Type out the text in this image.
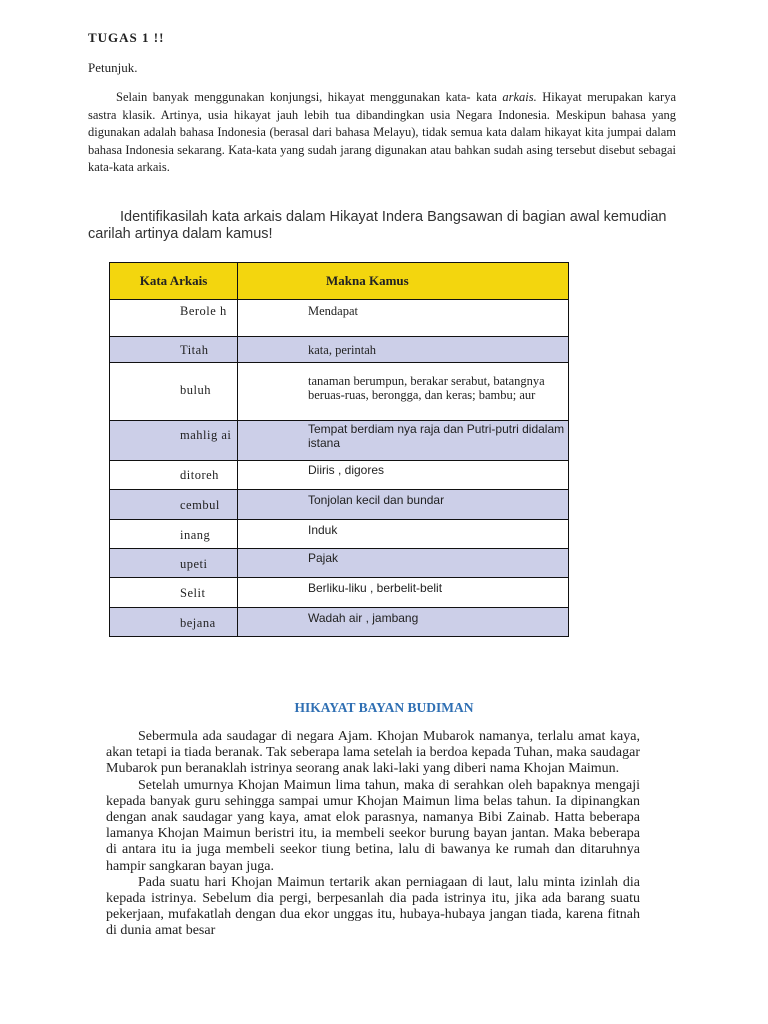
TUGAS 1 !!
Petunjuk.
Selain banyak menggunakan konjungsi, hikayat menggunakan kata- kata arkais. Hikayat merupakan karya sastra klasik. Artinya, usia hikayat jauh lebih tua dibandingkan usia Negara Indonesia. Meskipun bahasa yang digunakan adalah bahasa Indonesia (berasal dari bahasa Melayu), tidak semua kata dalam hikayat kita jumpai dalam bahasa Indonesia sekarang. Kata-kata yang sudah jarang digunakan atau bahkan sudah asing tersebut disebut sebagai kata-kata arkais.
Identifikasilah kata arkais dalam Hikayat Indera Bangsawan di bagian awal kemudian carilah artinya dalam kamus!
Kata Arkais	Makna Kamus
Berole h	Mendapat
Titah	kata, perintah
buluh	tanaman berumpun, berakar serabut, batangnya beruas-ruas, berongga, dan keras; bambu; aur
mahlig ai	Tempat berdiam nya raja dan Putri-putri didalam istana
ditoreh	Diiris , digores
cembul	Tonjolan kecil dan bundar
inang	Induk
upeti	Pajak
Selit	Berliku-liku , berbelit-belit
bejana	Wadah air , jambang
HIKAYAT BAYAN BUDIMAN

Sebermula ada saudagar di negara Ajam. Khojan Mubarok namanya, terlalu amat kaya, akan tetapi ia tiada beranak. Tak seberapa lama setelah ia berdoa kepada Tuhan, maka saudagar Mubarok pun beranaklah istrinya seorang anak laki-laki yang diberi nama Khojan Maimun.

Setelah umurnya Khojan Maimun lima tahun, maka di serahkan oleh bapaknya mengaji kepada banyak guru sehingga sampai umur Khojan Maimun lima belas tahun. Ia dipinangkan dengan anak saudagar yang kaya, amat elok parasnya, namanya Bibi Zainab. Hatta beberapa lamanya Khojan Maimun beristri itu, ia membeli seekor burung bayan jantan. Maka beberapa di antara itu ia juga membeli seekor tiung betina, lalu di bawanya ke rumah dan ditaruhnya hampir sangkaran bayan juga.

Pada suatu hari Khojan Maimun tertarik akan perniagaan di laut, lalu minta izinlah dia kepada istrinya. Sebelum dia pergi, berpesanlah dia pada istrinya itu, jika ada barang suatu pekerjaan, mufakatlah dengan dua ekor unggas itu, hubaya-hubaya jangan tiada, karena fitnah di dunia amat besar
